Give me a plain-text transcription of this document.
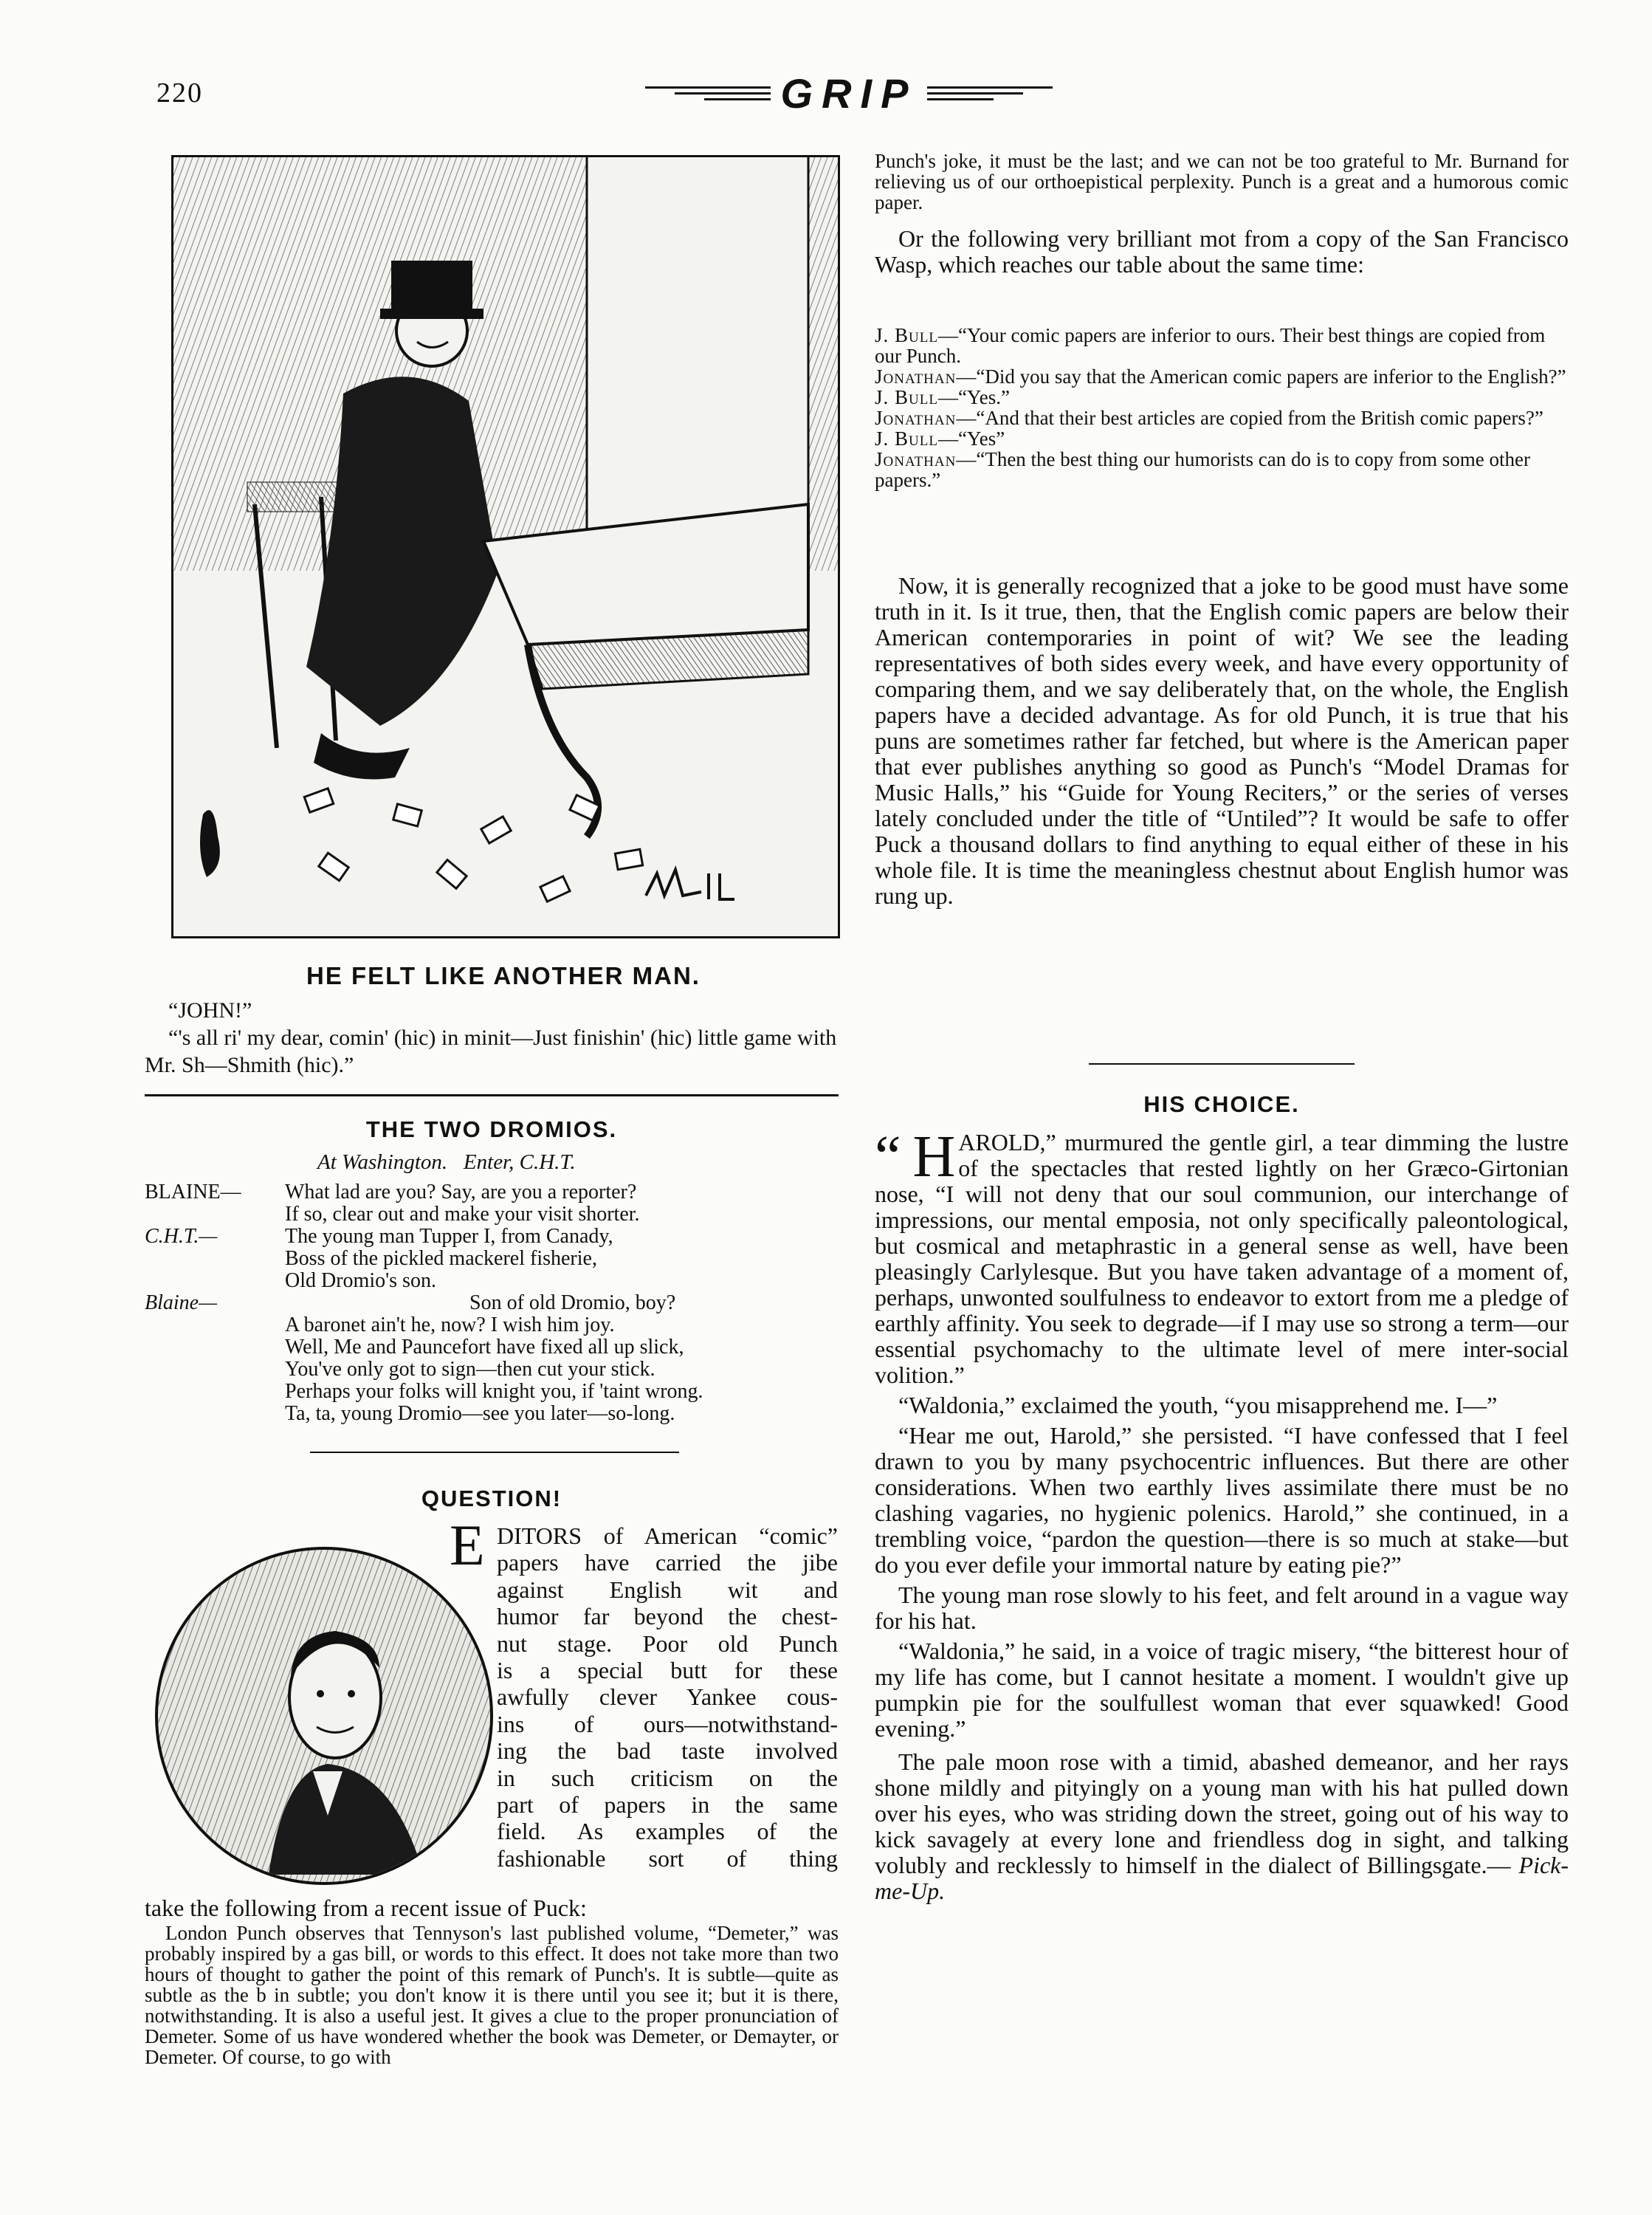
220	GRIP
HE FELT LIKE ANOTHER MAN.

“JOHN!”

“'s all ri' my dear, comin' (hic) in minit—Just finishin' (hic) little game with Mr. Sh—Shmith (hic).”

THE TWO DROMIOS.
At Washington.   Enter, C.H.T.
BLAINE—	What lad are you? Say, are you a reporter?
If so, clear out and make your visit shorter.
C.H.T.—	The young man Tupper I, from Canady,
Boss of the pickled mackerel fisherie,
Old Dromio's son.
Blaine—	Son of old Dromio, boy?
A baronet ain't he, now? I wish him joy.
Well, Me and Pauncefort have fixed all up slick,
You've only got to sign—then cut your stick.
Perhaps your folks will knight you, if 'taint wrong.
Ta, ta, young Dromio—see you later—so-long.
QUESTION!
E DITORS of American “comic”
papers have carried the jibe
against English wit and
humor far beyond the chest-
nut stage. Poor old Punch
is a special butt for these
awfully clever Yankee cous-
ins of ours—notwithstand-
ing the bad taste involved
in such criticism on the
part of papers in the same
field. As examples of the
fashionable sort of thing
take the following from a recent issue of Puck:
London Punch observes that Tennyson's last published volume, “Demeter,” was probably inspired by a gas bill, or words to this effect. It does not take more than two hours of thought to gather the point of this remark of Punch's. It is subtle—quite as subtle as the b in subtle; you don't know it is there until you see it; but it is there, notwithstanding. It is also a useful jest. It gives a clue to the proper pronunciation of Demeter. Some of us have wondered whether the book was Demeter, or Demayter, or Demeter. Of course, to go with
Punch's joke, it must be the last; and we can not be too grateful to Mr. Burnand for relieving us of our orthoepistical perplexity. Punch is a great and a humorous comic paper.
Or the following very brilliant mot from a copy of the San Francisco Wasp, which reaches our table about the same time:

J. Bull—“Your comic papers are inferior to ours. Their best things are copied from our Punch.

Jonathan—“Did you say that the American comic papers are inferior to the English?”

J. Bull—“Yes.”

Jonathan—“And that their best articles are copied from the British comic papers?”

J. Bull—“Yes”

Jonathan—“Then the best thing our humorists can do is to copy from some other papers.”

Now, it is generally recognized that a joke to be good must have some truth in it. Is it true, then, that the English comic papers are below their American contemporaries in point of wit? We see the leading representatives of both sides every week, and have every opportunity of comparing them, and we say deliberately that, on the whole, the English papers have a decided advantage. As for old Punch, it is true that his puns are sometimes rather far fetched, but where is the American paper that ever publishes anything so good as Punch's “Model Dramas for Music Halls,” his “Guide for Young Reciters,” or the series of verses lately concluded under the title of “Untiled”? It would be safe to offer Puck a thousand dollars to find anything to equal either of these in his whole file. It is time the meaningless chestnut about English humor was rung up.
HIS CHOICE.

“ H AROLD,” murmured the gentle girl, a tear dimming the lustre of the spectacles that rested lightly on her Græco-Girtonian nose, “I will not deny that our soul communion, our interchange of impressions, our mental emposia, not only specifically paleontological, but cosmical and metaphrastic in a general sense as well, have been pleasingly Carlylesque. But you have taken advantage of a moment of, perhaps, unwonted soulfulness to endeavor to extort from me a pledge of earthly affinity. You seek to degrade—if I may use so strong a term—our essential psychomachy to the ultimate level of mere inter-social volition.”

“Waldonia,” exclaimed the youth, “you misapprehend me. I—”

“Hear me out, Harold,” she persisted. “I have confessed that I feel drawn to you by many psychocentric influences. But there are other considerations. When two earthly lives assimilate there must be no clashing vagaries, no hygienic polenics. Harold,” she continued, in a trembling voice, “pardon the question—there is so much at stake—but do you ever defile your immortal nature by eating pie?”

The young man rose slowly to his feet, and felt around in a vague way for his hat.

“Waldonia,” he said, in a voice of tragic misery, “the bitterest hour of my life has come, but I cannot hesitate a moment. I wouldn't give up pumpkin pie for the soulfullest woman that ever squawked! Good evening.”

The pale moon rose with a timid, abashed demeanor, and her rays shone mildly and pityingly on a young man with his hat pulled down over his eyes, who was striding down the street, going out of his way to kick savagely at every lone and friendless dog in sight, and talking volubly and recklessly to himself in the dialect of Billingsgate.— Pick-me-Up.
